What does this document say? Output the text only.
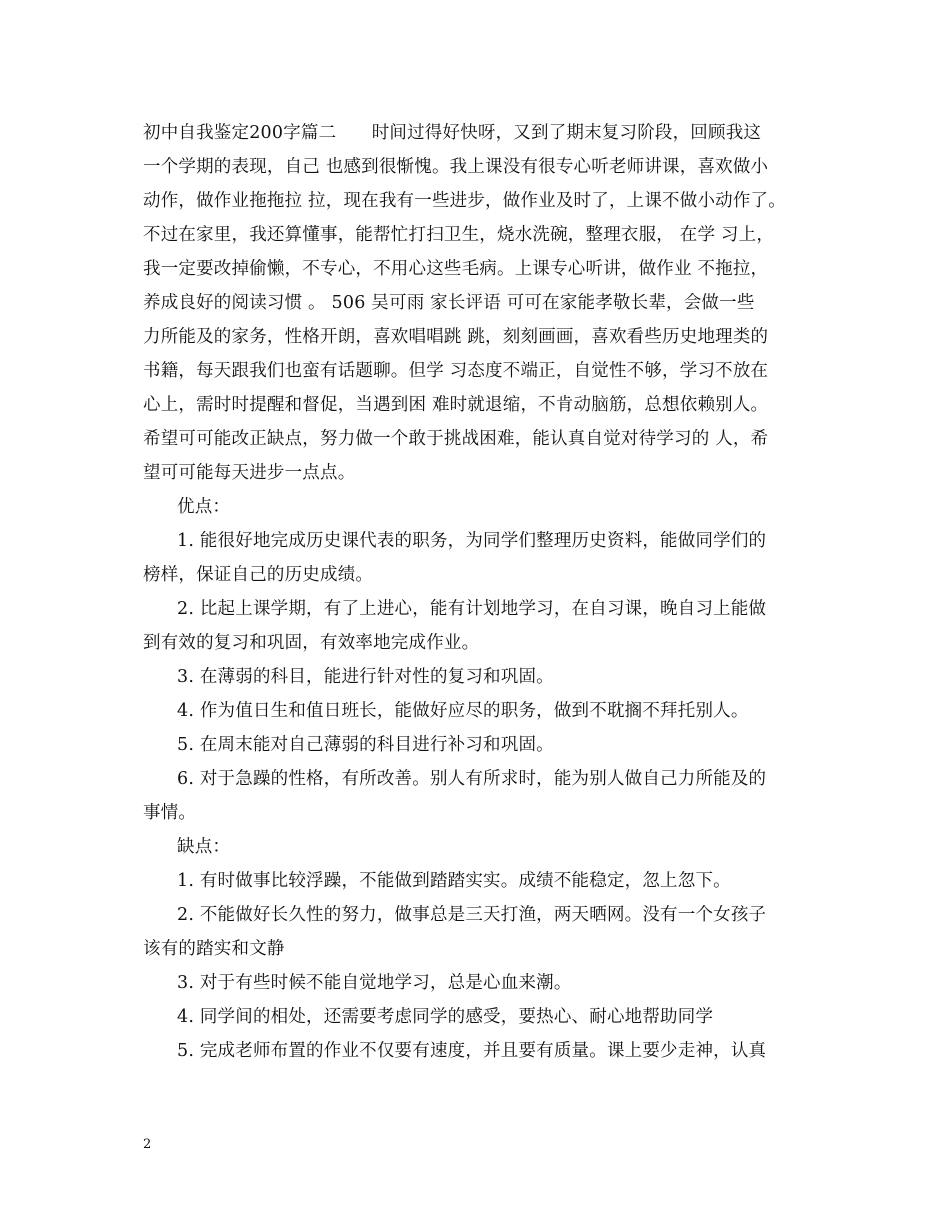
初中自我鉴定200字篇二　　时间过得好快呀，又到了期末复习阶段，回顾我这
一个学期的表现，自己 也感到很惭愧。我上课没有很专心听老师讲课，喜欢做小
动作，做作业拖拖拉 拉，现在我有一些进步，做作业及时了，上课不做小动作了。
不过在家里，我还算懂事，能帮忙打扫卫生，烧水洗碗，整理衣服， 在学 习上，
我一定要改掉偷懒，不专心，不用心这些毛病。上课专心听讲，做作业 不拖拉，
养成良好的阅读习惯 。 506 吴可雨 家长评语 可可在家能孝敬长辈，会做一些
力所能及的家务，性格开朗，喜欢唱唱跳 跳，刻刻画画，喜欢看些历史地理类的
书籍，每天跟我们也蛮有话题聊。但学 习态度不端正，自觉性不够，学习不放在
心上，需时时提醒和督促，当遇到困 难时就退缩，不肯动脑筋，总想依赖别人。
希望可可能改正缺点，努力做一个敢于挑战困难，能认真自觉对待学习的 人，希
望可可能每天进步一点点。
优点：
1. 能很好地完成历史课代表的职务，为同学们整理历史资料，能做同学们的
榜样，保证自己的历史成绩。
2. 比起上课学期，有了上进心，能有计划地学习，在自习课，晚自习上能做
到有效的复习和巩固，有效率地完成作业。
3. 在薄弱的科目，能进行针对性的复习和巩固。
4. 作为值日生和值日班长，能做好应尽的职务，做到不耽搁不拜托别人。
5. 在周末能对自己薄弱的科目进行补习和巩固。
6. 对于急躁的性格，有所改善。别人有所求时，能为别人做自己力所能及的
事情。
缺点：
1. 有时做事比较浮躁，不能做到踏踏实实。成绩不能稳定，忽上忽下。
2. 不能做好长久性的努力，做事总是三天打渔，两天晒网。没有一个女孩子
该有的踏实和文静
3. 对于有些时候不能自觉地学习，总是心血来潮。
4. 同学间的相处，还需要考虑同学的感受，要热心、耐心地帮助同学
5. 完成老师布置的作业不仅要有速度，并且要有质量。课上要少走神，认真
2
